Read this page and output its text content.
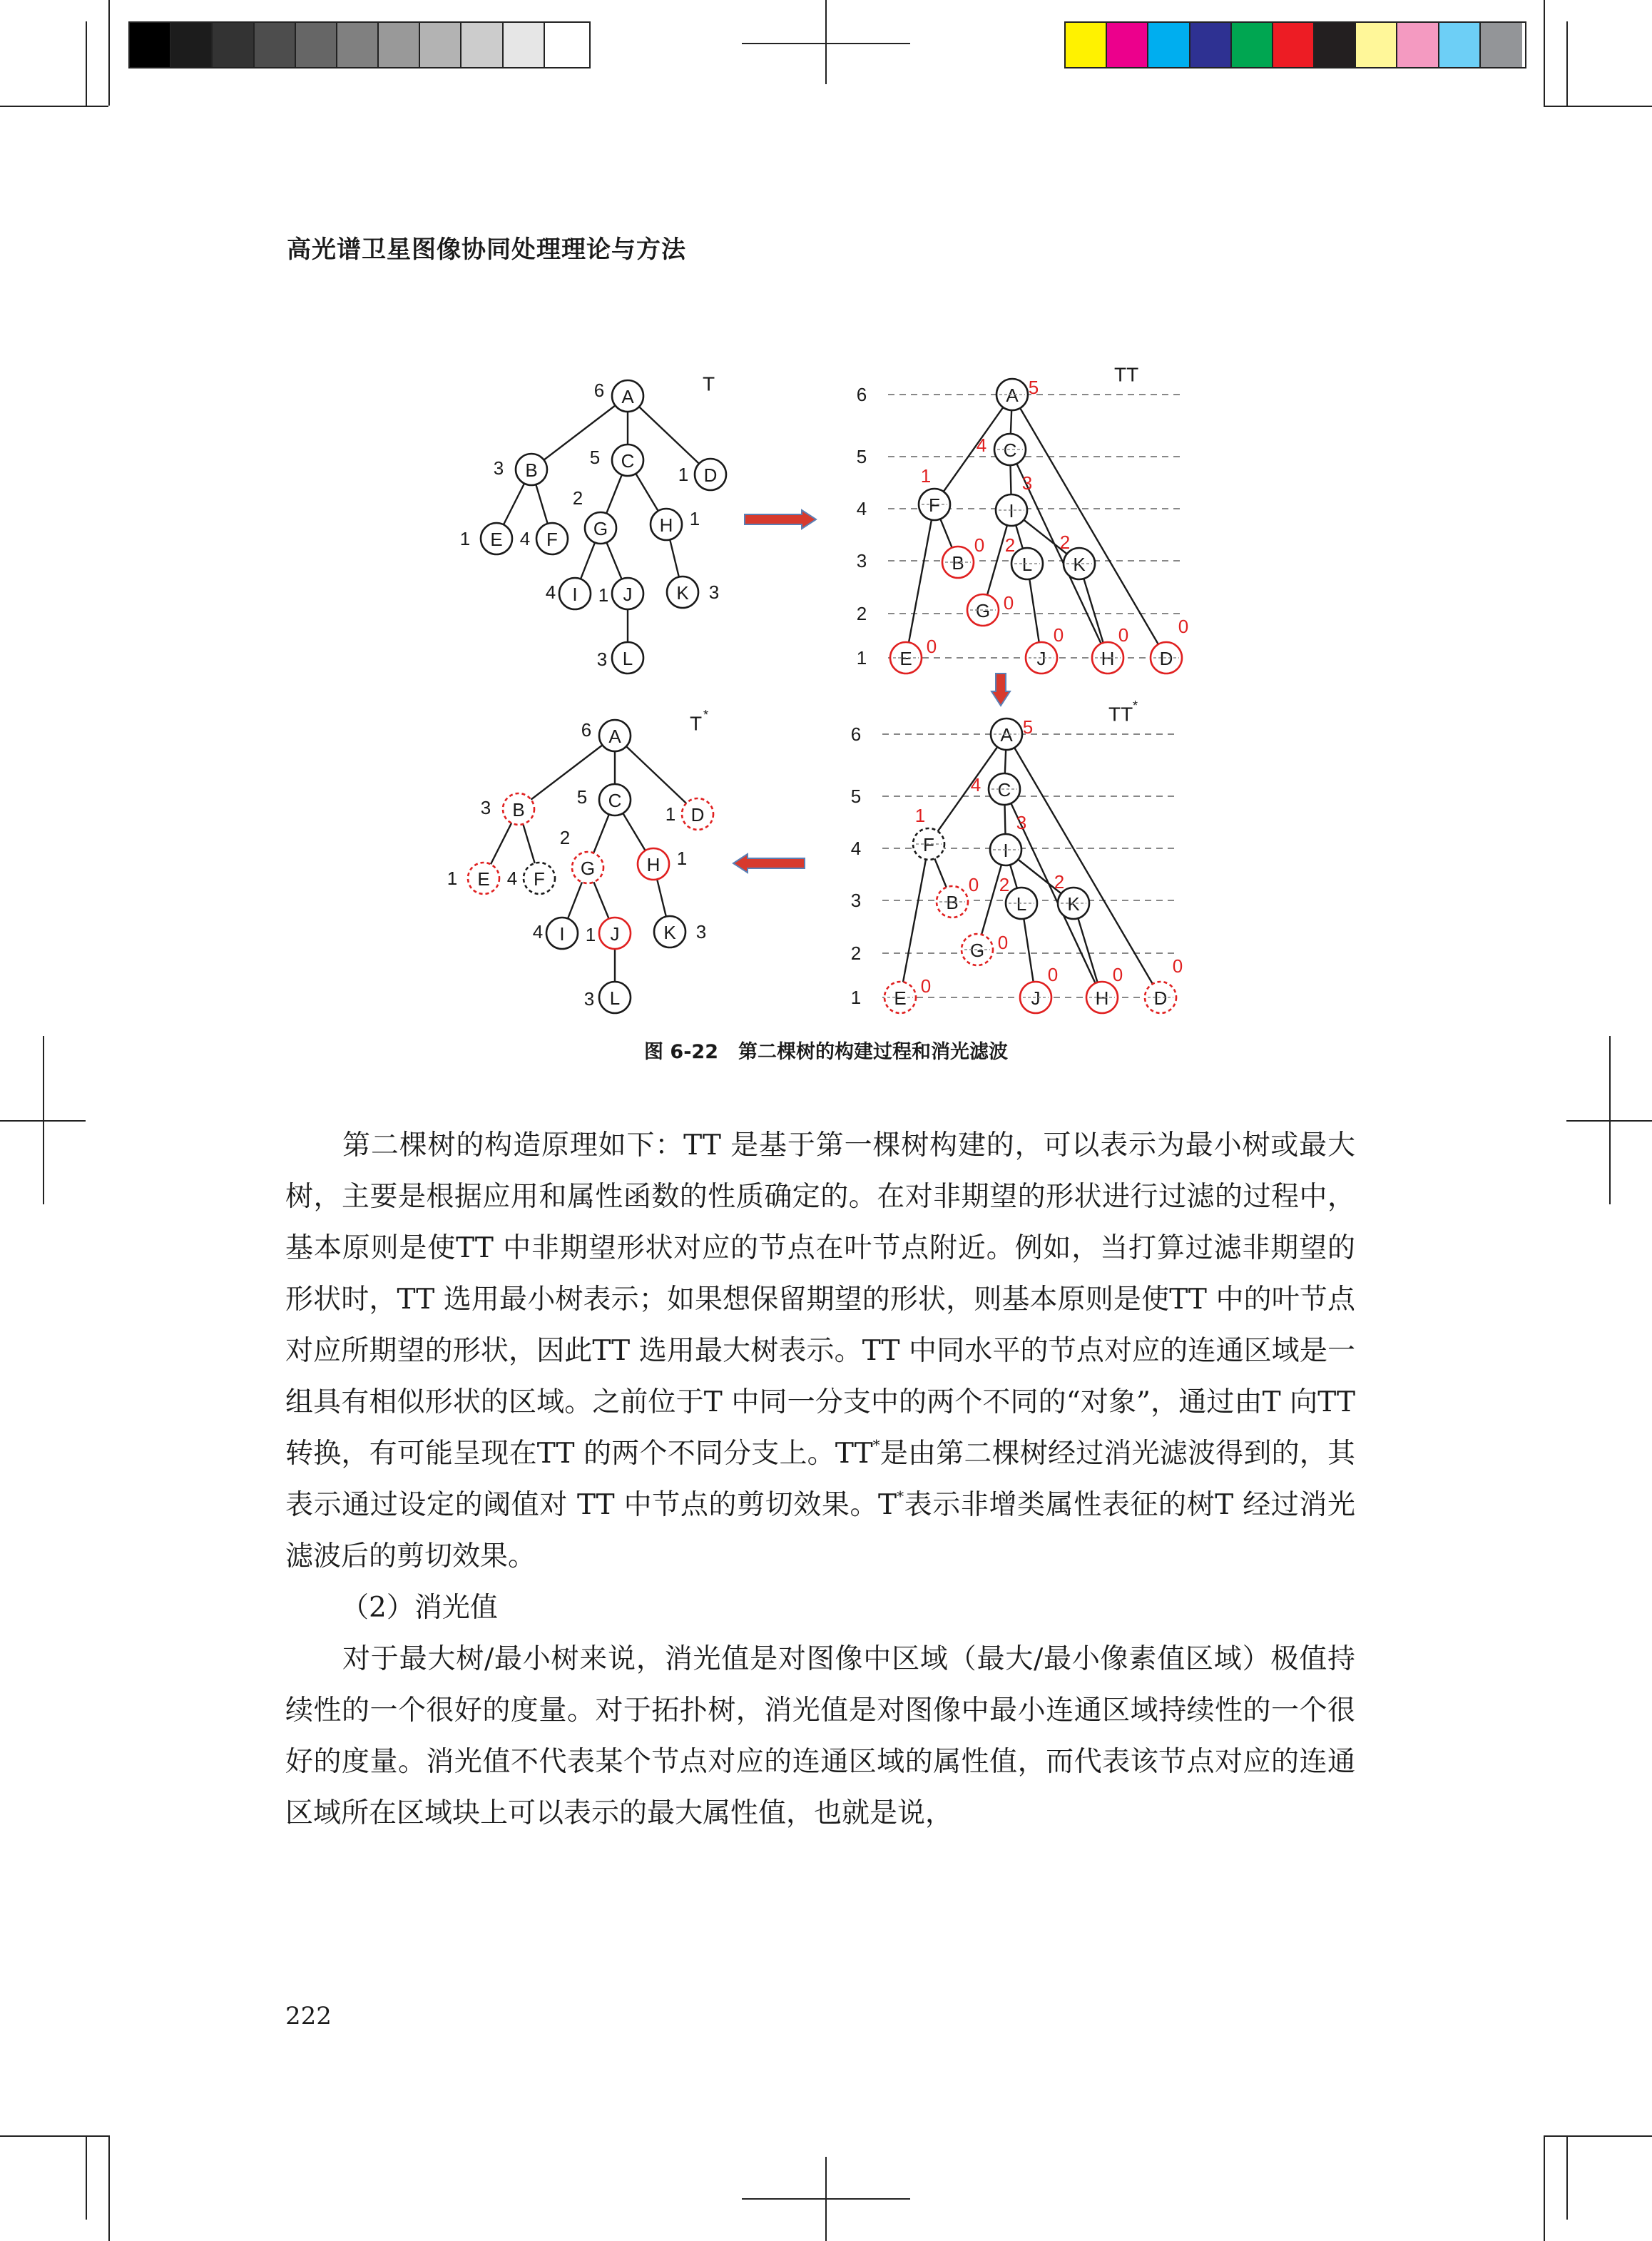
高光谱卫星图像协同处理理论与方法
A
6
B
3	C
5
D
1
E
1	F
4	G
2
H 1
I
4	J
1	K 3
L
3
T	6
5
4
3
2
1
A 5
C
4
F
1
I
3
B
0
L
2
K
2
G 0
E
0
J
0
H
0
D
0
TT
A
6
B
3	C
5
D
1
E
1	F
4	G
2
H 1
I
4	J
1	K 3
L
3
T *
6
5
4
3
2
1
A 5
C
4
F
1
I
3
B
0
L
2
K
2
G 0
E
0
J
0
H
0
D
0
TT *
图 6-22 第二棵树的构建过程和消光滤波

第二棵树的构造原理如下：TT 是基于第一棵树构建的，可以表示为最小树或最大树，主要是根据应用和属性函数的性质确定的。在对非期望的形状进行过滤的过程中，基本原则是使TT 中非期望形状对应的节点在叶节点附近。例如，当打算过滤非期望的形状时，TT 选用最小树表示；如果想保留期望的形状，则基本原则是使TT 中的叶节点对应所期望的形状，因此TT 选用最大树表示。TT 中同水平的节点对应的连通区域是一组具有相似形状的区域。之前位于T 中同一分支中的两个不同的“对象”，通过由T 向TT 转换，有可能呈现在TT 的两个不同分支上。TT*是由第二棵树经过消光滤波得到的，其表示通过设定的阈值对 TT 中节点的剪切效果。T*表示非增类属性表征的树T 经过消光滤波后的剪切效果。

（2）消光值

对于最大树/最小树来说，消光值是对图像中区域（最大/最小像素值区域）极值持续性的一个很好的度量。对于拓扑树，消光值是对图像中最小连通区域持续性的一个很好的度量。消光值不代表某个节点对应的连通区域的属性值，而代表该节点对应的连通区域所在区域块上可以表示的最大属性值，也就是说，

222
